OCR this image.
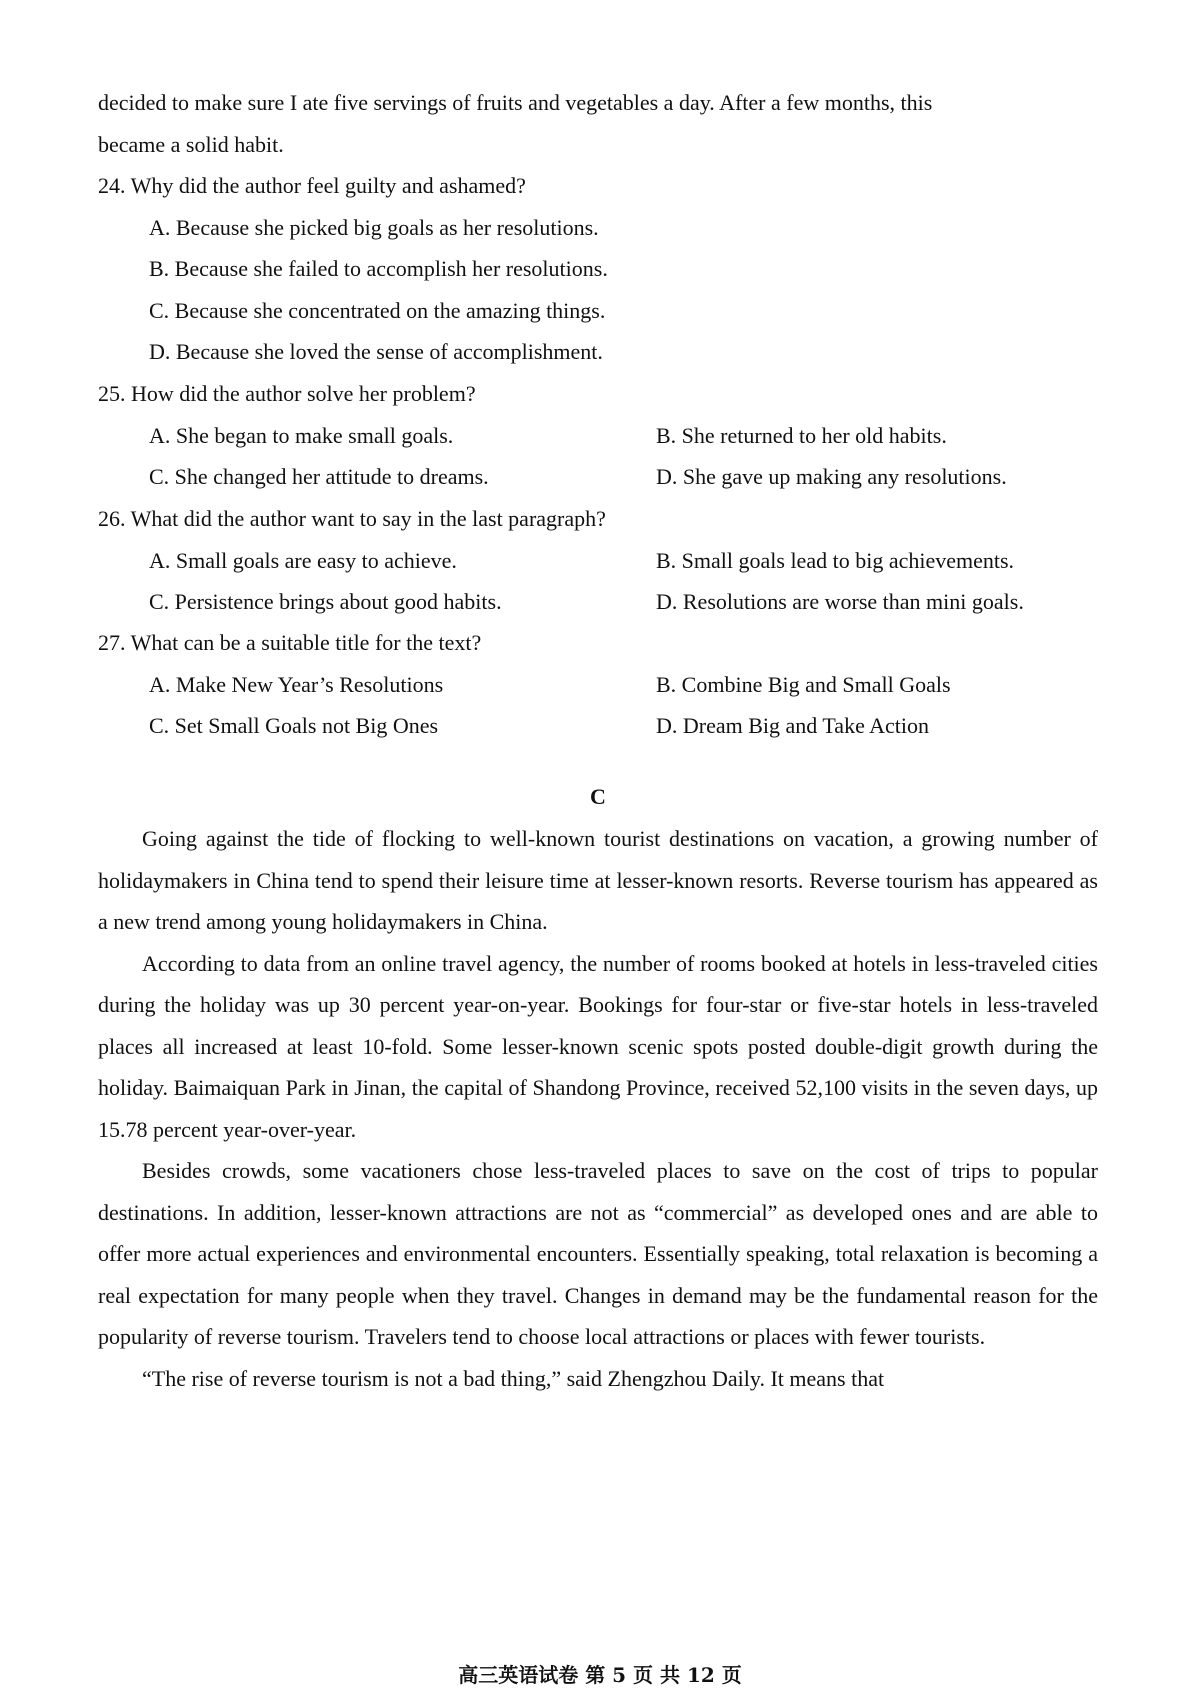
decided to make sure I ate five servings of fruits and vegetables a day. After a few months, this
became a solid habit.
24. Why did the author feel guilty and ashamed?
A. Because she picked big goals as her resolutions.
B. Because she failed to accomplish her resolutions.
C. Because she concentrated on the amazing things.
D. Because she loved the sense of accomplishment.
25. How did the author solve her problem?
A. She began to make small goals.	B. She returned to her old habits.
C. She changed her attitude to dreams.	D. She gave up making any resolutions.
26. What did the author want to say in the last paragraph?
A. Small goals are easy to achieve.	B. Small goals lead to big achievements.
C. Persistence brings about good habits.	D. Resolutions are worse than mini goals.
27. What can be a suitable title for the text?
A. Make New Year’s Resolutions	B. Combine Big and Small Goals
C. Set Small Goals not Big Ones	D. Dream Big and Take Action
C
Going against the tide of flocking to well-known tourist destinations on vacation, a growing number of holidaymakers in China tend to spend their leisure time at lesser-known resorts. Reverse tourism has appeared as a new trend among young holidaymakers in China.
According to data from an online travel agency, the number of rooms booked at hotels in less-traveled cities during the holiday was up 30 percent year-on-year. Bookings for four-star or five-star hotels in less-traveled places all increased at least 10-fold. Some lesser-known scenic spots posted double-digit growth during the holiday. Baimaiquan Park in Jinan, the capital of Shandong Province, received 52,100 visits in the seven days, up 15.78 percent year-over-year.
Besides crowds, some vacationers chose less-traveled places to save on the cost of trips to popular destinations. In addition, lesser-known attractions are not as “commercial” as developed ones and are able to offer more actual experiences and environmental encounters. Essentially speaking, total relaxation is becoming a real expectation for many people when they travel. Changes in demand may be the fundamental reason for the popularity of reverse tourism. Travelers tend to choose local attractions or places with fewer tourists.
“The rise of reverse tourism is not a bad thing,” said Zhengzhou Daily. It means that
高三英语试卷 第 5 页 共 12 页
